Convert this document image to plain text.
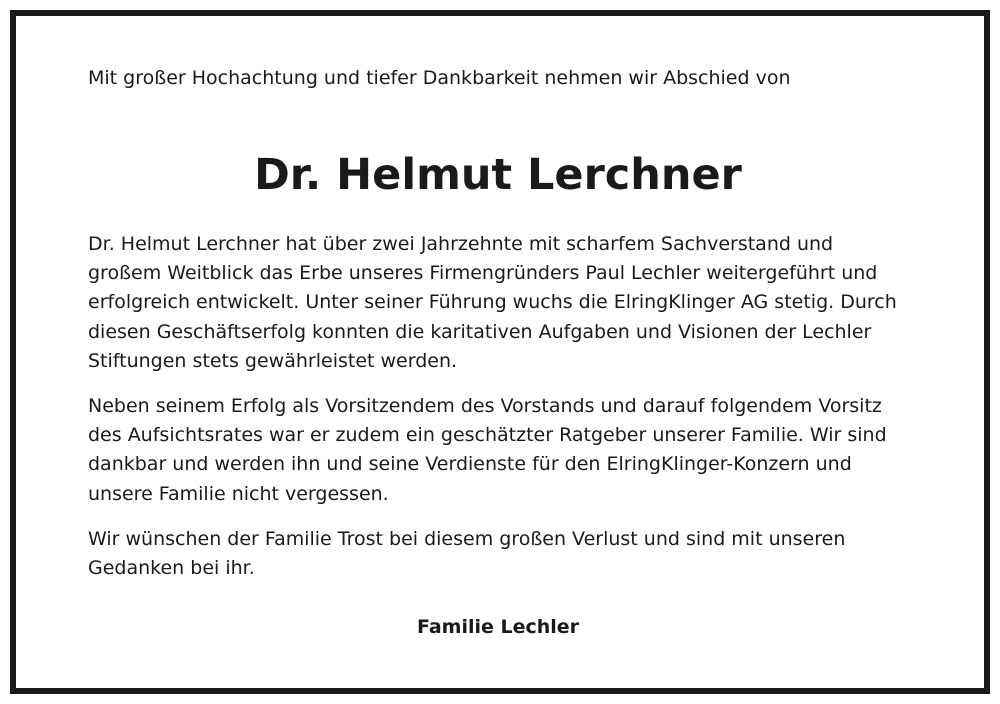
Mit großer Hochachtung und tiefer Dankbarkeit nehmen wir Abschied von

Dr. Helmut Lerchner

Dr. Helmut Lerchner hat über zwei Jahrzehnte mit scharfem Sachverstand und großem Weitblick das Erbe unseres Firmengründers Paul Lechler weitergeführt und erfolgreich entwickelt. Unter seiner Führung wuchs die ElringKlinger AG stetig. Durch diesen Geschäftserfolg konnten die karitativen Aufgaben und Visionen der Lechler Stiftungen stets gewährleistet werden.

Neben seinem Erfolg als Vorsitzendem des Vorstands und darauf folgendem Vorsitz des Aufsichtsrates war er zudem ein geschätzter Ratgeber unserer Familie. Wir sind dankbar und werden ihn und seine Verdienste für den ElringKlinger-Konzern und unsere Familie nicht vergessen.

Wir wünschen der Familie Trost bei diesem großen Verlust und sind mit unseren Gedanken bei ihr.

Familie Lechler
